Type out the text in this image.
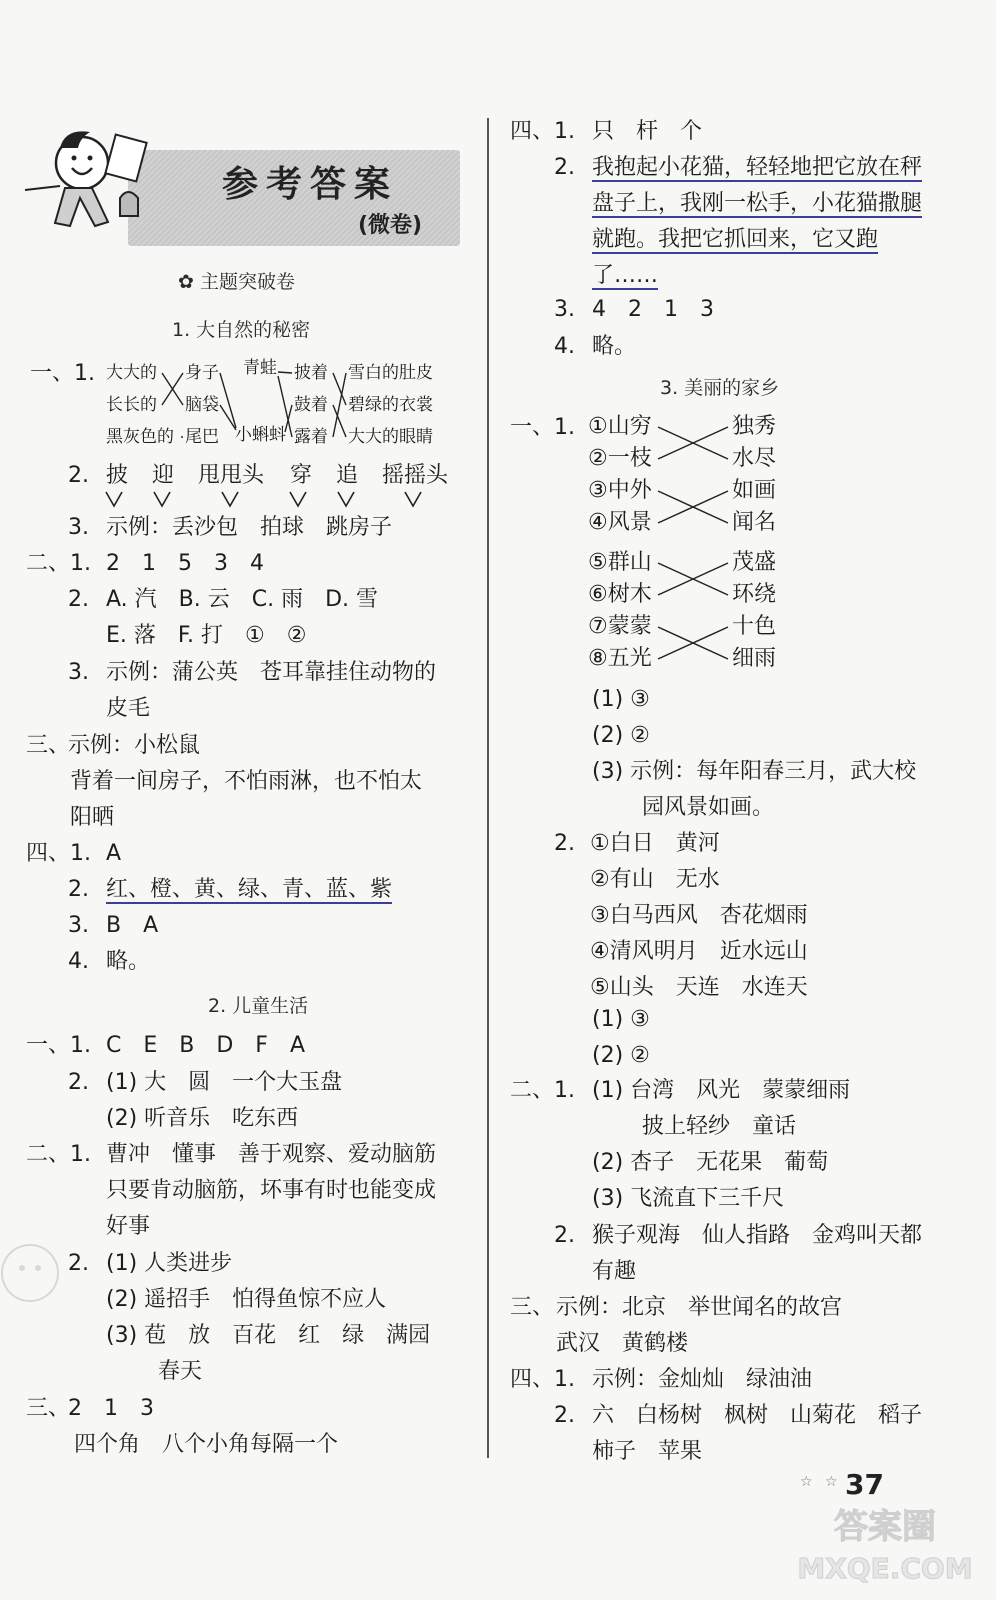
参考答案
(微卷)
✿ 主题突破卷
1. 大自然的秘密
一、1. 大大的
长长的
黑灰色的
身子
脑袋
尾巴
青蛙
小蝌蚪
披着
鼓着
露着
雪白的肚皮
碧绿的衣裳
大大的眼睛
2. 披 迎 甩甩头 穿 追 摇摇头
3. 示例：丢沙包　拍球　跳房子
二、1. 2　1　5　3　4
2. A. 汽　B. 云　C. 雨　D. 雪
E. 落　F. 打　①　②
3. 示例：蒲公英　苍耳靠挂住动物的
皮毛
三、
示例：小松鼠
背着一间房子，不怕雨淋，也不怕太
阳晒
四、1. A
2. 红、橙、黄、绿、青、蓝、紫
3. B　A
4. 略。
2. 儿童生活
一、1. C　E　B　D　F　A
2. (1) 大　圆　一个大玉盘
(2) 听音乐　吃东西
二、1. 曹冲　懂事　善于观察、爱动脑筋
只要肯动脑筋，坏事有时也能变成
好事
2. (1) 人类进步
(2) 遥招手　怕得鱼惊不应人
(3) 苞　放　百花　红　绿　满园
春天
三、
2　1　3
四个角　八个小角每隔一个
四、1. 只　杆　个
2. 我抱起小花猫，轻轻地把它放在秤
盘子上，我刚一松手，小花猫撒腿
就跑。我把它抓回来，它又跑
了……
3. 4　2　1　3
4. 略。
3. 美丽的家乡
一、1. ①山穷
②一枝
③中外
④风景
⑤群山
⑥树木
⑦蒙蒙
⑧五光
独秀
水尽
如画
闻名
茂盛
环绕
十色
细雨
(1) ③
(2) ②
(3) 示例：每年阳春三月，武大校
园风景如画。
2. ①白日　黄河
②有山　无水
③白马西风　杏花烟雨
④清风明月　近水远山
⑤山头　天连　水连天
(1) ③
(2) ②
二、1. (1) 台湾　风光　蒙蒙细雨
披上轻纱　童话
(2) 杏子　无花果　葡萄
(3) 飞流直下三千尺
2. 猴子观海　仙人指路　金鸡叫天都
有趣
三、 示例：北京　举世闻名的故宫
武汉　黄鹤楼
四、1. 示例：金灿灿　绿油油
2. 六　白杨树　枫树　山菊花　稻子
柿子　苹果
☆ ☆ 37
答案圈
MXQE.COM
